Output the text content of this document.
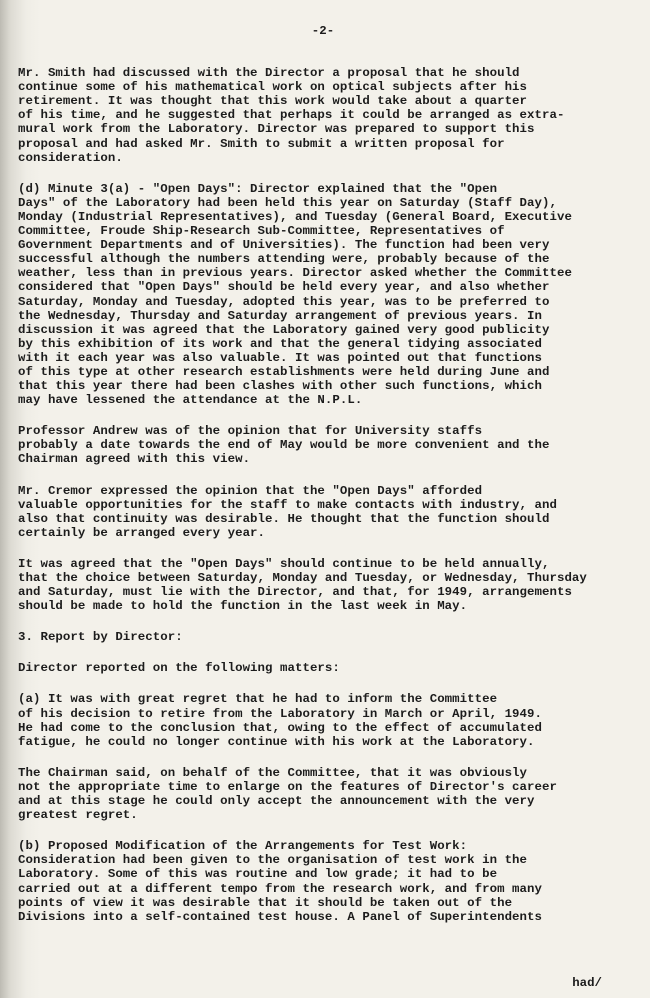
-2-

Mr. Smith had discussed with the Director a proposal that he should
continue some of his mathematical work on optical subjects after his
retirement. It was thought that this work would take about a quarter
of his time, and he suggested that perhaps it could be arranged as extra-
mural work from the Laboratory. Director was prepared to support this
proposal and had asked Mr. Smith to submit a written proposal for
consideration.

(d) Minute 3(a) - "Open Days": Director explained that the "Open
Days" of the Laboratory had been held this year on Saturday (Staff Day),
Monday (Industrial Representatives), and Tuesday (General Board, Executive
Committee, Froude Ship-Research Sub-Committee, Representatives of
Government Departments and of Universities). The function had been very
successful although the numbers attending were, probably because of the
weather, less than in previous years. Director asked whether the Committee
considered that "Open Days" should be held every year, and also whether
Saturday, Monday and Tuesday, adopted this year, was to be preferred to
the Wednesday, Thursday and Saturday arrangement of previous years. In
discussion it was agreed that the Laboratory gained very good publicity
by this exhibition of its work and that the general tidying associated
with it each year was also valuable. It was pointed out that functions
of this type at other research establishments were held during June and
that this year there had been clashes with other such functions, which
may have lessened the attendance at the N.P.L.

Professor Andrew was of the opinion that for University staffs
probably a date towards the end of May would be more convenient and the
Chairman agreed with this view.

Mr. Cremor expressed the opinion that the "Open Days" afforded
valuable opportunities for the staff to make contacts with industry, and
also that continuity was desirable. He thought that the function should
certainly be arranged every year.

It was agreed that the "Open Days" should continue to be held annually,
that the choice between Saturday, Monday and Tuesday, or Wednesday, Thursday
and Saturday, must lie with the Director, and that, for 1949, arrangements
should be made to hold the function in the last week in May.

3. Report by Director:

Director reported on the following matters:

(a) It was with great regret that he had to inform the Committee
of his decision to retire from the Laboratory in March or April, 1949.
He had come to the conclusion that, owing to the effect of accumulated
fatigue, he could no longer continue with his work at the Laboratory.

The Chairman said, on behalf of the Committee, that it was obviously
not the appropriate time to enlarge on the features of Director's career
and at this stage he could only accept the announcement with the very
greatest regret.

(b) Proposed Modification of the Arrangements for Test Work:
Consideration had been given to the organisation of test work in the
Laboratory. Some of this was routine and low grade; it had to be
carried out at a different tempo from the research work, and from many
points of view it was desirable that it should be taken out of the
Divisions into a self-contained test house. A Panel of Superintendents

had/
